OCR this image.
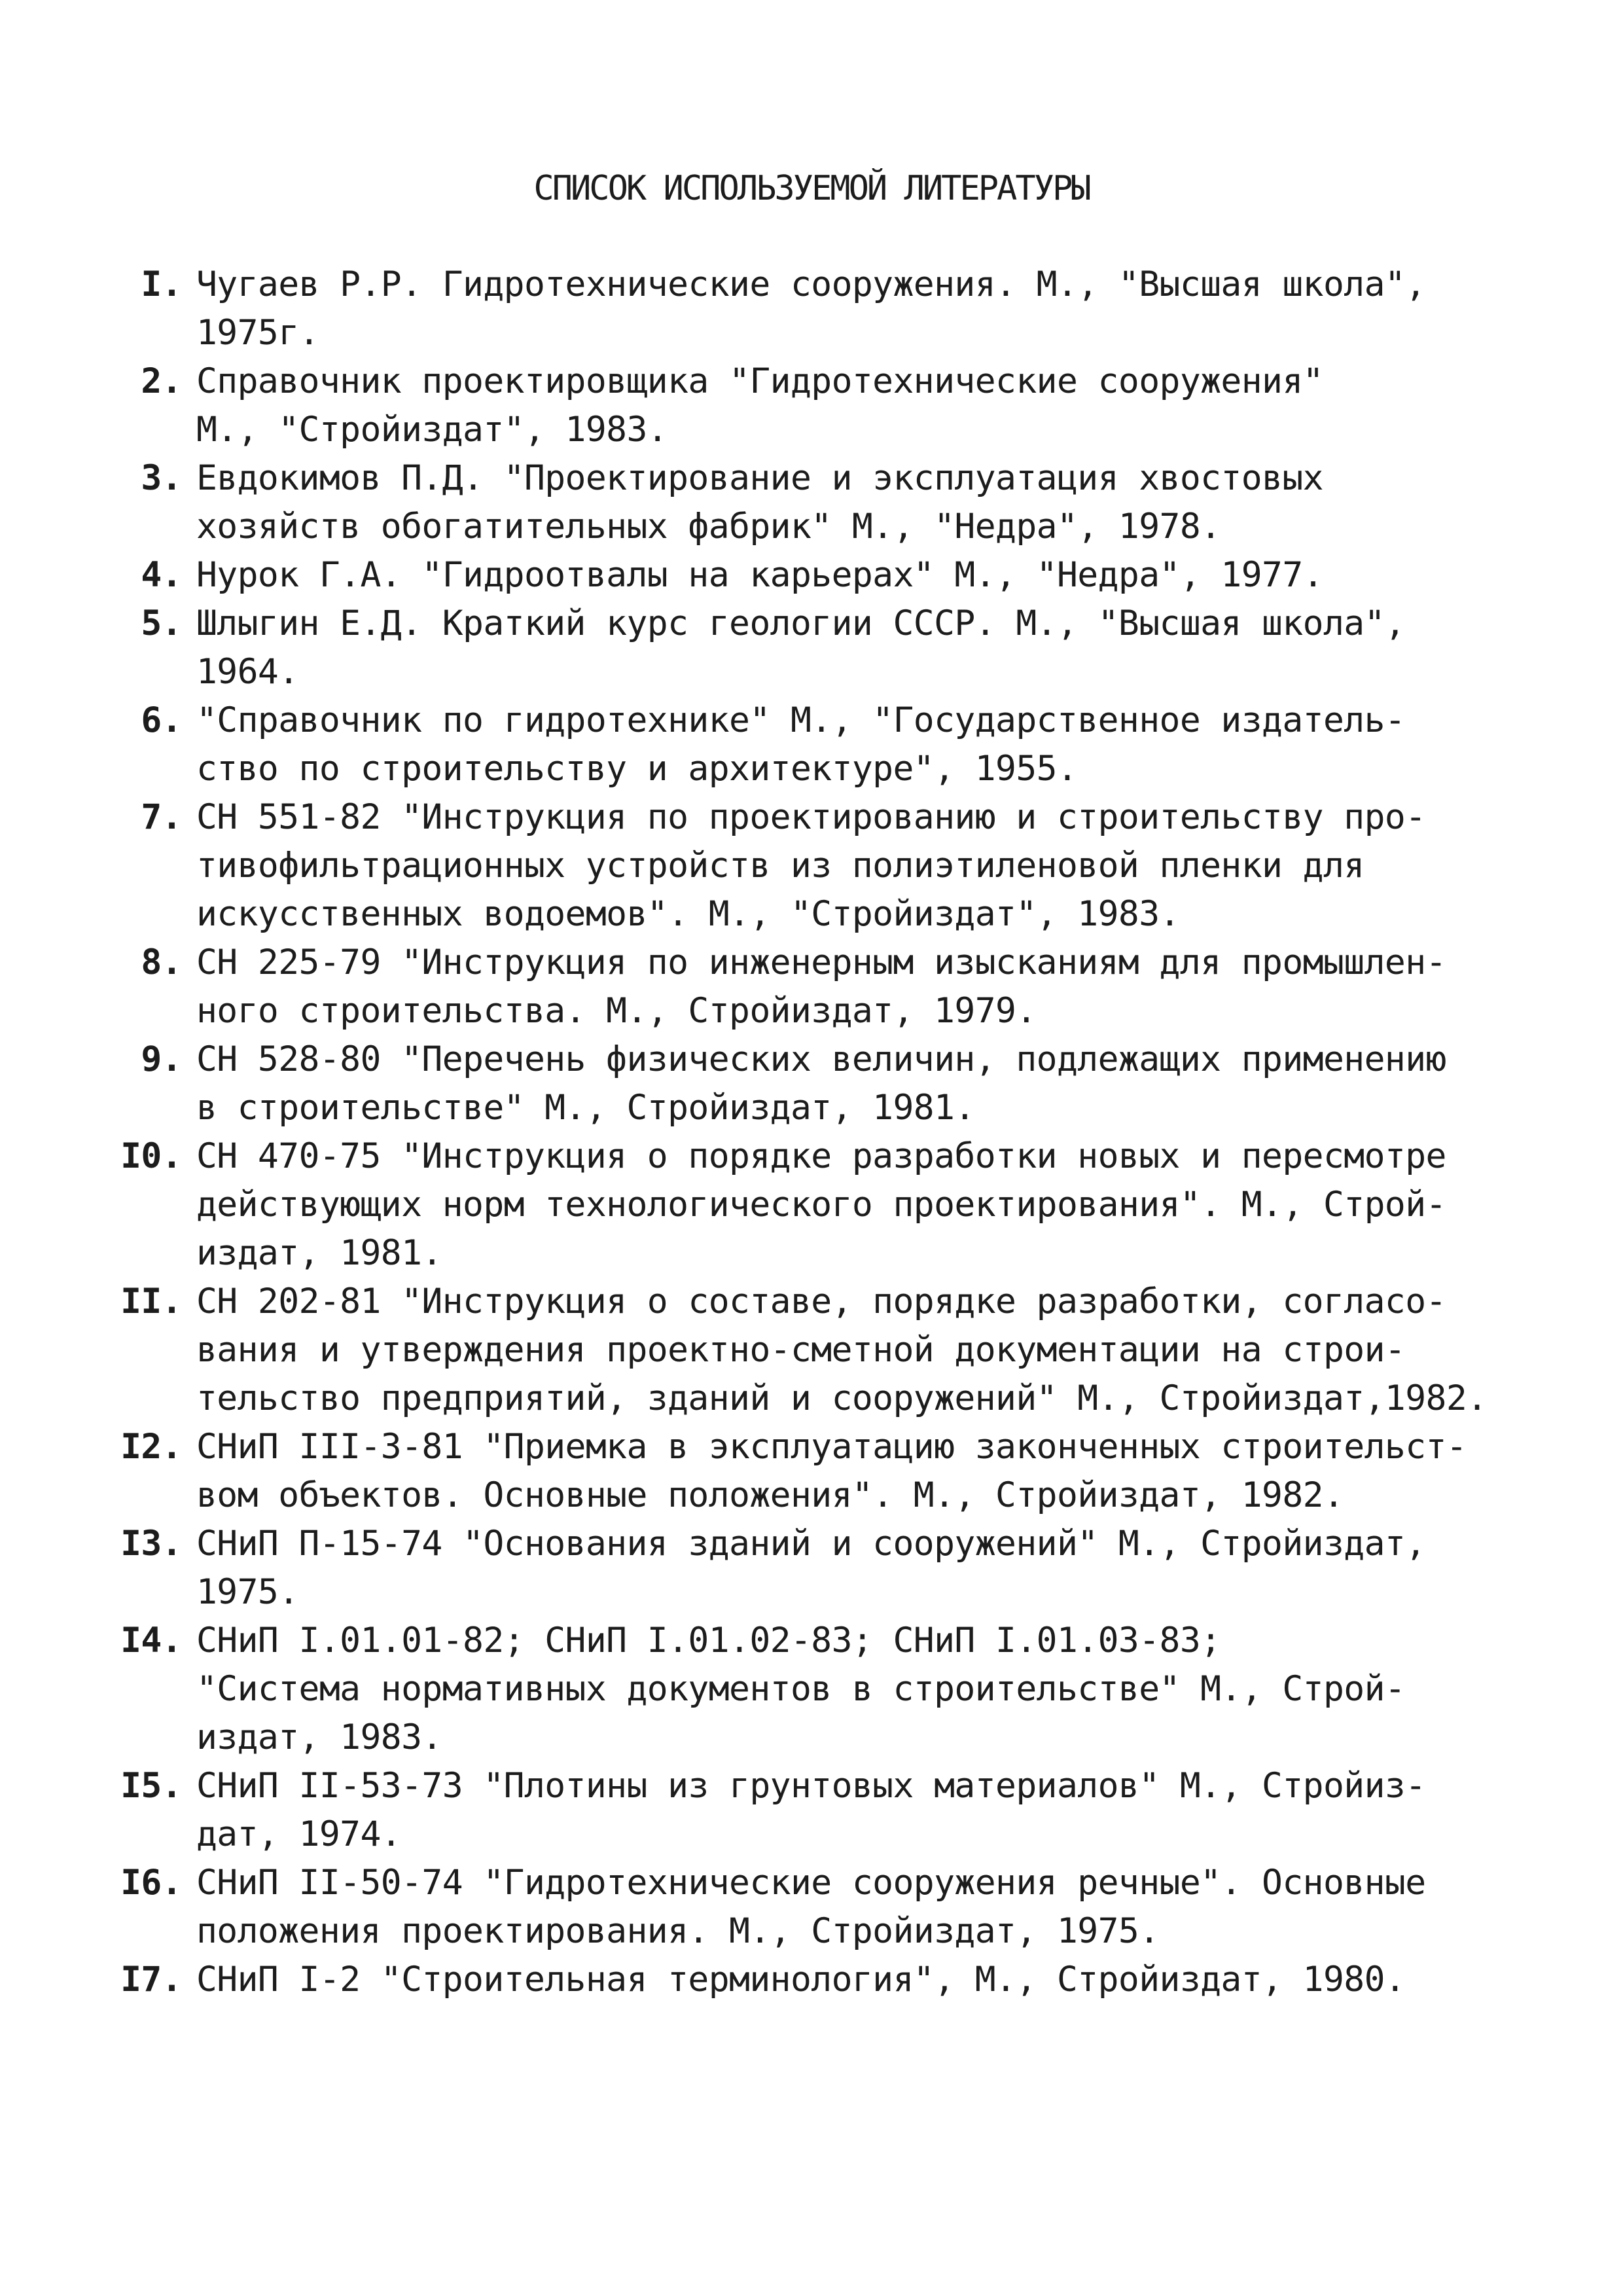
СПИСОК ИСПОЛЬЗУЕМОЙ ЛИТЕРАТУРЫ
I. Чугаев Р.Р. Гидротехнические сооружения. М., "Высшая школа",
1975г.
2. Справочник проектировщика "Гидротехнические сооружения"
М., "Стройиздат", 1983.
3. Евдокимов П.Д. "Проектирование и эксплуатация хвостовых
хозяйств обогатительных фабрик" М., "Недра", 1978.
4. Нурок Г.А. "Гидроотвалы на карьерах" М., "Недра", 1977.
5. Шлыгин Е.Д. Краткий курс геологии СССР. М., "Высшая школа",
1964.
6. "Справочник по гидротехнике" М., "Государственное издатель-
ство по строительству и архитектуре", 1955.
7. СН 551-82 "Инструкция по проектированию и строительству про-
тивофильтрационных устройств из полиэтиленовой пленки для
искусственных водоемов". М., "Стройиздат", 1983.
8. СН 225-79 "Инструкция по инженерным изысканиям для промышлен-
ного строительства. М., Стройиздат, 1979.
9. СН 528-80 "Перечень физических величин, подлежащих применению
в строительстве" М., Стройиздат, 1981.
I0. СН 470-75 "Инструкция о порядке разработки новых и пересмотре
действующих норм технологического проектирования". М., Строй-
издат, 1981.
II. СН 202-81 "Инструкция о составе, порядке разработки, согласо-
вания и утверждения проектно-сметной документации на строи-
тельство предприятий, зданий и сооружений" М., Стройиздат,1982.
I2. СНиП III-3-81 "Приемка в эксплуатацию законченных строительст-
вом объектов. Основные положения". М., Стройиздат, 1982.
I3. СНиП П-15-74 "Основания зданий и сооружений" М., Стройиздат,
1975.
I4. СНиП I.01.01-82; СНиП I.01.02-83; СНиП I.01.03-83;
"Система нормативных документов в строительстве" М., Строй-
издат, 1983.
I5. СНиП II-53-73 "Плотины из грунтовых материалов" М., Стройиз-
дат, 1974.
I6. СНиП II-50-74 "Гидротехнические сооружения речные". Основные
положения проектирования. М., Стройиздат, 1975.
I7. СНиП I-2 "Строительная терминология", М., Стройиздат, 1980.
